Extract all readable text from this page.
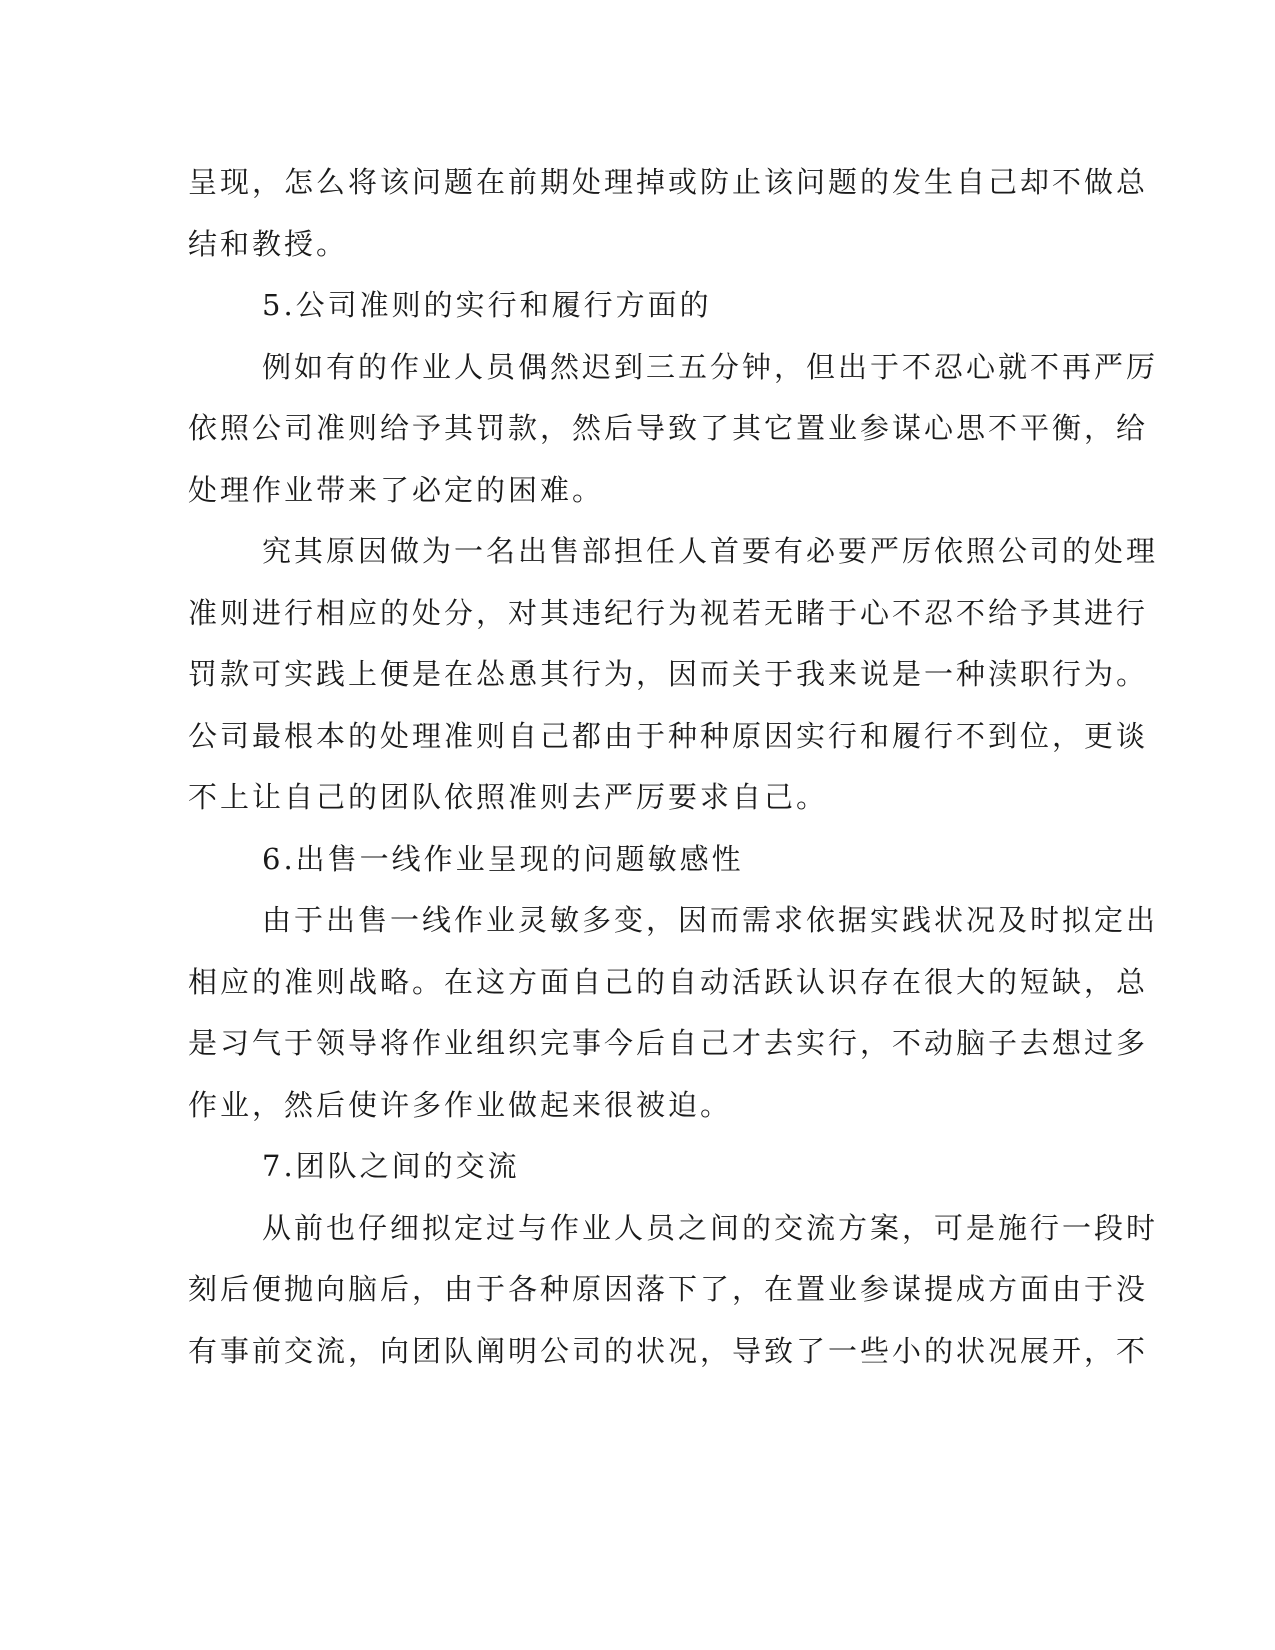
呈现，怎么将该问题在前期处理掉或防止该问题的发生自己却不做总
结和教授。
5.公司准则的实行和履行方面的
例如有的作业人员偶然迟到三五分钟，但出于不忍心就不再严厉
依照公司准则给予其罚款，然后导致了其它置业参谋心思不平衡，给
处理作业带来了必定的困难。
究其原因做为一名出售部担任人首要有必要严厉依照公司的处理
准则进行相应的处分，对其违纪行为视若无睹于心不忍不给予其进行
罚款可实践上便是在怂恿其行为，因而关于我来说是一种渎职行为。
公司最根本的处理准则自己都由于种种原因实行和履行不到位，更谈
不上让自己的团队依照准则去严厉要求自己。
6.出售一线作业呈现的问题敏感性
由于出售一线作业灵敏多变，因而需求依据实践状况及时拟定出
相应的准则战略。在这方面自己的自动活跃认识存在很大的短缺，总
是习气于领导将作业组织完事今后自己才去实行，不动脑子去想过多
作业，然后使许多作业做起来很被迫。
7.团队之间的交流
从前也仔细拟定过与作业人员之间的交流方案，可是施行一段时
刻后便抛向脑后，由于各种原因落下了，在置业参谋提成方面由于没
有事前交流，向团队阐明公司的状况，导致了一些小的状况展开，不
